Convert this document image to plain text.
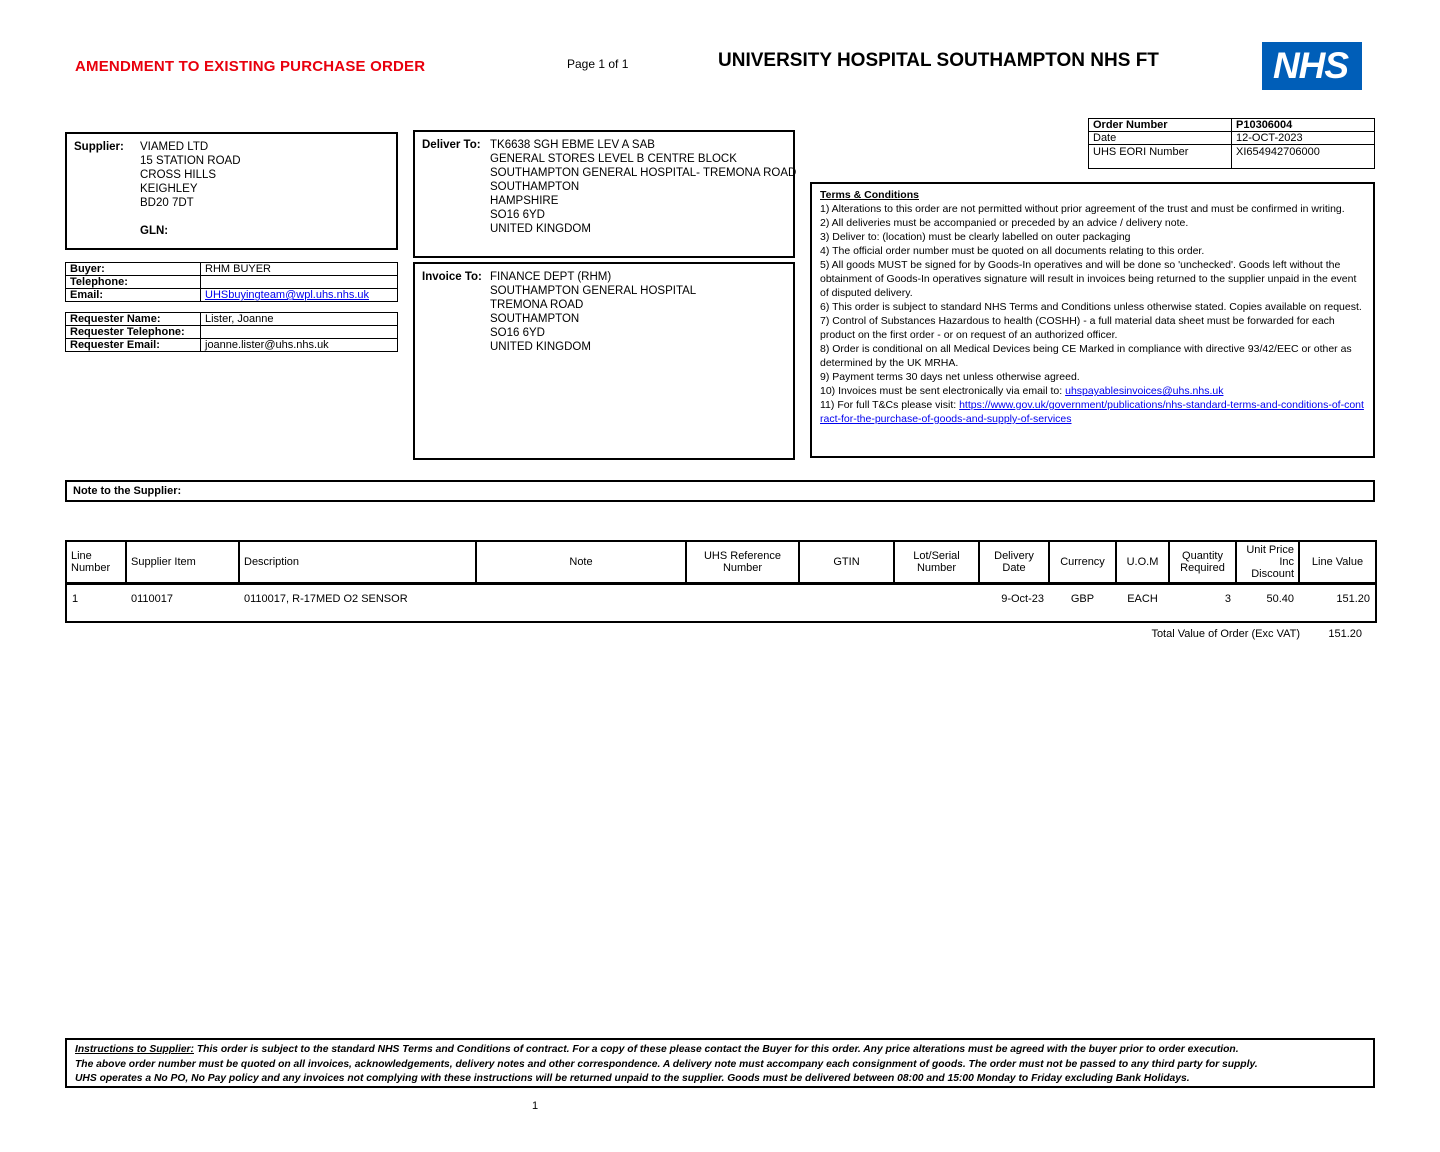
AMENDMENT TO EXISTING PURCHASE ORDER	Page 1 of 1	UNIVERSITY HOSPITAL SOUTHAMPTON NHS FT	NHS
Order Number	P10306004
Date	12-OCT-2023
UHS EORI Number	XI654942706000
Supplier: VIAMED LTD
15 STATION ROAD
CROSS HILLS
KEIGHLEY
BD20 7DT
GLN:
Deliver To: TK6638 SGH EBME LEV A SAB
GENERAL STORES LEVEL B CENTRE BLOCK
SOUTHAMPTON GENERAL HOSPITAL- TREMONA ROAD
SOUTHAMPTON
HAMPSHIRE
SO16 6YD
UNITED KINGDOM
Buyer:	RHM BUYER
Telephone:	
Email:	UHSbuyingteam@wpl.uhs.nhs.uk
Requester Name:	Lister, Joanne
Requester Telephone:	
Requester Email:	joanne.lister@uhs.nhs.uk
Invoice To: FINANCE DEPT (RHM)
SOUTHAMPTON GENERAL HOSPITAL
TREMONA ROAD
SOUTHAMPTON
SO16 6YD
UNITED KINGDOM
Terms & Conditions
1) Alterations to this order are not permitted without prior agreement of the trust and must be confirmed in writing.
2) All deliveries must be accompanied or preceded by an advice / delivery note.
3) Deliver to: (location) must be clearly labelled on outer packaging
4) The official order number must be quoted on all documents relating to this order.
5) All goods MUST be signed for by Goods-In operatives and will be done so 'unchecked'. Goods left without the obtainment of Goods-In operatives signature will result in invoices being returned to the supplier unpaid in the event of disputed delivery.
6) This order is subject to standard NHS Terms and Conditions unless otherwise stated. Copies available on request.
7) Control of Substances Hazardous to health (COSHH) - a full material data sheet must be forwarded for each product on the first order - or on request of an authorized officer.
8) Order is conditional on all Medical Devices being CE Marked in compliance with directive 93/42/EEC or other as determined by the UK MRHA.
9) Payment terms 30 days net unless otherwise agreed.
10) Invoices must be sent electronically via email to: uhspayablesinvoices@uhs.nhs.uk
11) For full T&Cs please visit: https://www.gov.uk/government/publications/nhs-standard-terms-and-conditions-of-contract-for-the-purchase-of-goods-and-supply-of-services
Note to the Supplier:
Line
Number	Supplier Item	Description	Note	UHS Reference
Number	GTIN	Lot/Serial
Number	Delivery
Date	Currency	U.O.M	Quantity
Required	Unit Price
Inc
Discount	Line Value
1	0110017	0110017, R-17MED O2 SENSOR					9-Oct-23	GBP	EACH	3	50.40	151.20
Total Value of Order (Exc VAT)	151.20
Instructions to Supplier: This order is subject to the standard NHS Terms and Conditions of contract. For a copy of these please contact the Buyer for this order. Any price alterations must be agreed with the buyer prior to order execution.
The above order number must be quoted on all invoices, acknowledgements, delivery notes and other correspondence. A delivery note must accompany each consignment of goods. The order must not be passed to any third party for supply.
UHS operates a No PO, No Pay policy and any invoices not complying with these instructions will be returned unpaid to the supplier. Goods must be delivered between 08:00 and 15:00 Monday to Friday excluding Bank Holidays.
1
